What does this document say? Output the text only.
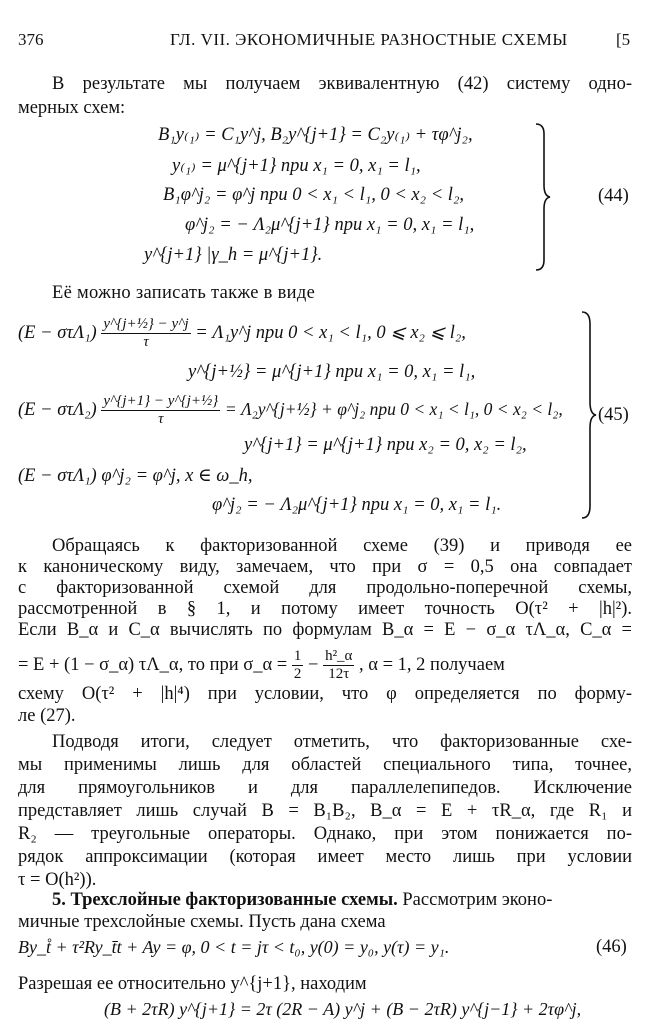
376	ГЛ. VII. ЭКОНОМИЧНЫЕ РАЗНОСТНЫЕ СХЕМЫ	[5
В результате мы получаем эквивалентную (42) систему одно-
мерных схем:
B₁y₍₁₎ = C₁y^j, B₂y^{j+1} = C₂y₍₁₎ + τφ^j₂,
y₍₁₎ = μ^{j+1} при x₁ = 0, x₁ = l₁,
B₁φ^j₂ = φ^j при 0 < x₁ < l₁, 0 < x₂ < l₂,
φ^j₂ = − Λ₂μ^{j+1} при x₁ = 0, x₁ = l₁,
y^{j+1} |γ_h = μ^{j+1}.
(44)
Её можно записать также в виде
$(E - \sigma\tau\Lambda_1) \frac{\text{y\textasciicircum{}\{j+½\} − y\textasciicircum{}j}}{\tau}$ = Λ₁y^j при 0 < x₁ < l₁, 0 ⩽ x₂ ⩽ l₂,
y^{j+½} = μ^{j+1} при x₁ = 0, x₁ = l₁,
$(E - \sigma\tau\Lambda_2) \frac{\text{y\textasciicircum{}\{j+1\} − y\textasciicircum{}\{j+½\}}}{\tau}$ = Λ₂y^{j+½} + φ^j₂ при 0 < x₁ < l₁, 0 < x₂ < l₂,
y^{j+1} = μ^{j+1} при x₂ = 0, x₂ = l₂,
(E − στΛ₁) φ^j₂ = φ^j, x ∈ ω_h,
φ^j₂ = − Λ₂μ^{j+1} при x₁ = 0, x₁ = l₁.
(45)
Обращаясь к факторизованной схеме (39) и приводя ее
к каноническому виду, замечаем, что при σ = 0,5 она совпадает
с факторизованной схемой для продольно-поперечной схемы,
рассмотренной в § 1, и потому имеет точность O(τ² + |h|²).
Если B_α и C_α вычислять по формулам B_α = E − σ_α τΛ_α, C_α =
= E + (1 − σ_α) τΛ_α, то при σ_α = $\frac{1}{2} - \frac{\text{h²\_α}}{12\tau}$ , α = 1, 2 получаем
схему O(τ² + |h|⁴) при условии, что φ определяется по форму-
ле (27).
Подводя итоги, следует отметить, что факторизованные схе-
мы применимы лишь для областей специального типа, точнее,
для прямоугольников и для параллелепипедов. Исключение
представляет лишь случай B = B₁B₂, B_α = E + τR_α, где R₁ и
R₂ — треугольные операторы. Однако, при этом понижается по-
рядок аппроксимации (которая имеет место лишь при условии
τ = O(h²)).
5. Трехслойные факторизованные схемы. Рассмотрим эконо-
мичные трехслойные схемы. Пусть дана схема
By_t̊ + τ²Ry_t̄t + Ay = φ, 0 < t = jτ < t₀, y(0) = y₀, y(τ) = y₁.	(46)
Разрешая ее относительно y^{j+1}, находим
(B + 2τR) y^{j+1} = 2τ (2R − A) y^j + (B − 2τR) y^{j−1} + 2τφ^j,
